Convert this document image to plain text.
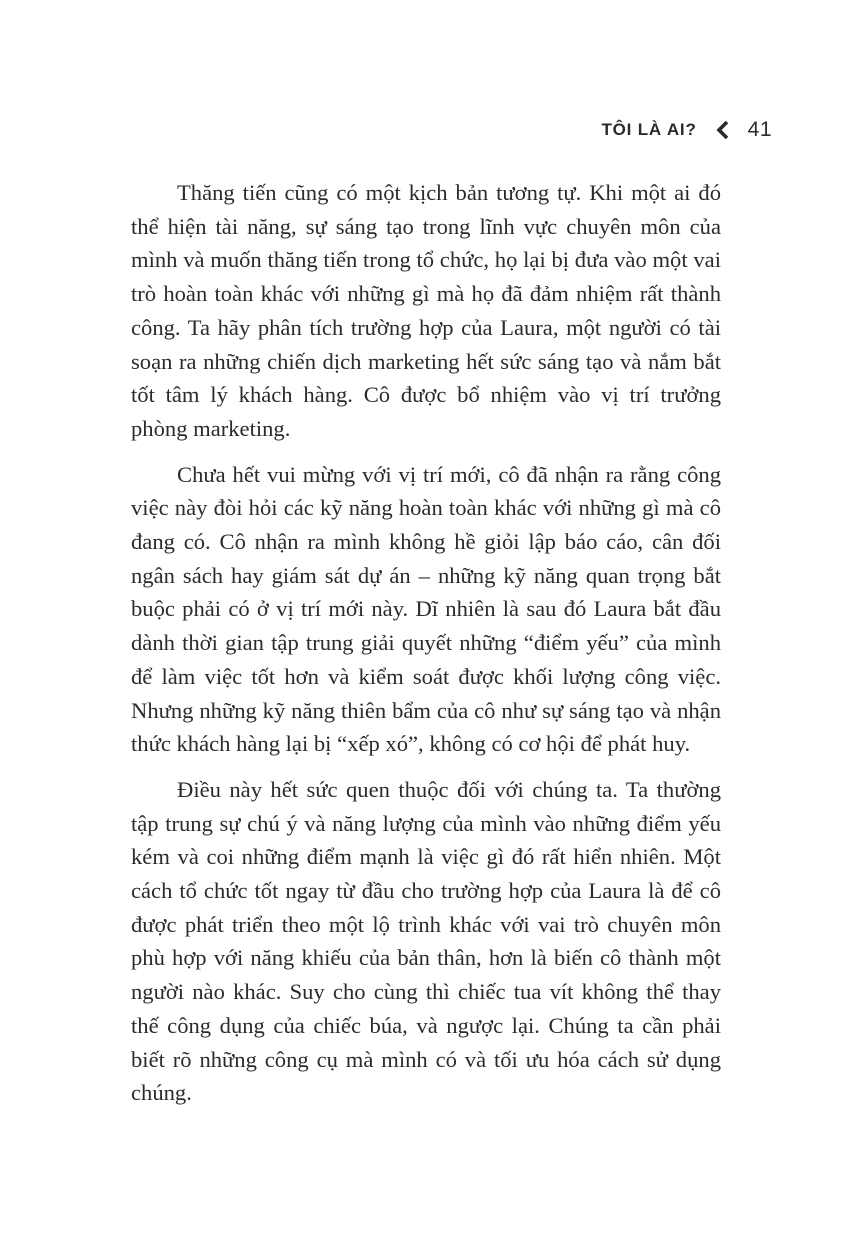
TÔI LÀ AI? 41

Thăng tiến cũng có một kịch bản tương tự. Khi một ai đó thể hiện tài năng, sự sáng tạo trong lĩnh vực chuyên môn của mình và muốn thăng tiến trong tổ chức, họ lại bị đưa vào một vai trò hoàn toàn khác với những gì mà họ đã đảm nhiệm rất thành công. Ta hãy phân tích trường hợp của Laura, một người có tài soạn ra những chiến dịch marketing hết sức sáng tạo và nắm bắt tốt tâm lý khách hàng. Cô được bổ nhiệm vào vị trí trưởng phòng marketing.

Chưa hết vui mừng với vị trí mới, cô đã nhận ra rằng công việc này đòi hỏi các kỹ năng hoàn toàn khác với những gì mà cô đang có. Cô nhận ra mình không hề giỏi lập báo cáo, cân đối ngân sách hay giám sát dự án – những kỹ năng quan trọng bắt buộc phải có ở vị trí mới này. Dĩ nhiên là sau đó Laura bắt đầu dành thời gian tập trung giải quyết những “điểm yếu” của mình để làm việc tốt hơn và kiểm soát được khối lượng công việc. Nhưng những kỹ năng thiên bẩm của cô như sự sáng tạo và nhận thức khách hàng lại bị “xếp xó”, không có cơ hội để phát huy.

Điều này hết sức quen thuộc đối với chúng ta. Ta thường tập trung sự chú ý và năng lượng của mình vào những điểm yếu kém và coi những điểm mạnh là việc gì đó rất hiển nhiên. Một cách tổ chức tốt ngay từ đầu cho trường hợp của Laura là để cô được phát triển theo một lộ trình khác với vai trò chuyên môn phù hợp với năng khiếu của bản thân, hơn là biến cô thành một người nào khác. Suy cho cùng thì chiếc tua vít không thể thay thế công dụng của chiếc búa, và ngược lại. Chúng ta cần phải biết rõ những công cụ mà mình có và tối ưu hóa cách sử dụng chúng.
